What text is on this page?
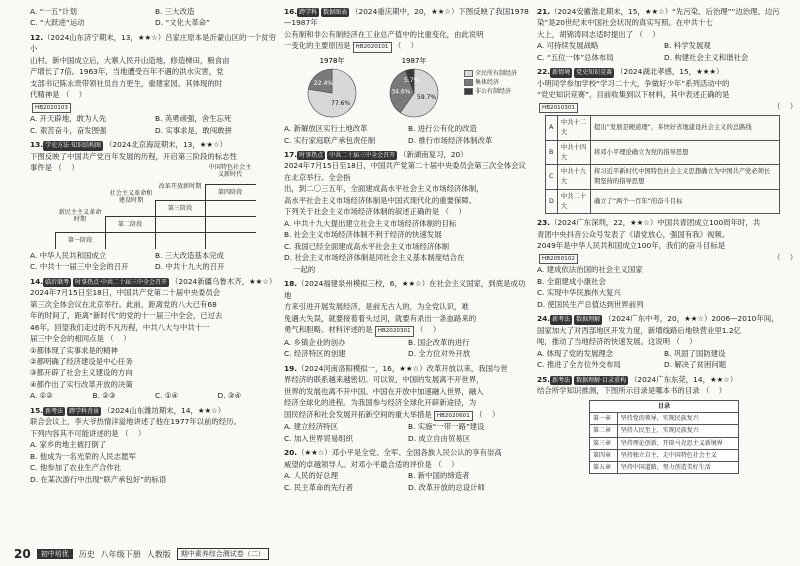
A. “一五”计划	B. 三大改造
C. “大跃进”运动	D. “文化大革命”
12.（2024山东济宁期末，13，★★☆）吕家庄原本是沂蒙山区的一个贫穷小
山村。新中国成立后，大寨人民开山造地，修造梯田，粮食亩
产增长了7倍。1963年，当地遭受百年不遇的洪水灾害，党
支部书记陈永贵带领社员自力更生，重建家园。其体现的时
代精神是 （    ）
HB2020103
A. 开天辟地，敢为人先	B. 英勇顽强，舍生忘死
C. 艰苦奋斗，奋发图强	D. 实事求是，敢闯敢拼
13. 学史方法·知识结构图 （2024北京海淀期末，13，★★☆）
下图反映了中国共产党百年发展的历程，开启第三阶段的标志性
事件是 （    ）
新民主主义革命时期
社会主义革命和建设时期
改革开放新时期
中国特色社会主义新时代
第一阶段
第二阶段
第三阶段
第四阶段
A. 中华人民共和国成立	B. 三大改造基本完成
C. 中共十一届三中全会的召开	D. 中共十九大的召开
14. 临沂联考 时事热点·中共二十届三中全会召开 （2024新疆乌鲁木齐，★★☆）
2024年7月15日至18日，中国共产党第二十届中央委员会
第三次全体会议在北京举行。此前，距离党的八大已有68
年的时间了，距离“新时代”的党的十一届三中全会，已过去
46年。回望我们走过的不凡历程，中共八大与中共十一
届三中全会的相同点是 （    ）
①都体现了实事求是的精神
②都明确了经济建设是中心任务
③都开辟了社会主义建设的方向
④都作出了实行改革开放的决策
A. ①②	B. ②③	C. ①④	D. ③④
15. 新考法 跨学科背景 （2024山东潍坊期末，14，★★☆）
联合会议上，李大爷热情洋溢地讲述了他在1977年以前的经历。
下列内容其不可能讲述的是 （    ）
A. 家乡的地主被打倒了
B. 他成为一名光荣的人民志愿军
C. 他参加了农业生产合作社
D. 在某次游行中出现“联产承包好”的标语
16. 跨学科 数据图表 （2024重庆期中，20，★★☆）下图反映了我国1978—1987年
公有制和非公有制经济在工业总产值中的比重变化，由此说明
一变化的主要原因是 HB2020101 （    ）
1978年
77.6%
22.4%
1987年
59.7%
34.6%
5.7%
全民所有制经济
集体经济
非公有制经济
A. 新解放区实行土地改革	B. 进行公有化的改造
C. 实行家庭联产承包责任制	D. 推行市场经济体制改革
17. 时事热点 中共二十届三中全会召开 （新湖南复习，20）
2024年7月15日至18日，中国共产党第二十届中央委员会第三次全体会议在北京举行。全会指
出，到二〇三五年，全面建成高水平社会主义市场经济体制，
高水平社会主义市场经济体制是中国式现代化的重要保障。
下列关于社会主义市场经济体制的叙述正确的是 （    ）
A. 中共十九大提出建立社会主义市场经济体制的目标
B. 社会主义市场经济体制不利于经济的快速发展
C. 我国已经全面建成高水平社会主义市场经济体制
D. 社会主义市场经济体制是同社会主义基本制度结合在
一起的
18.（2024福建泉州模拟三校，6，★★☆）在社会主义国家，到底是成功地
方来引进开展发展经济，是前无古人的，为全党认识，难
免遇大失误，就要接着着头过河，就要有杀出一条血路来的
勇气和胆略。材料评述的是 HB2020301 （    ）
A. 乡镇企业的创办	B. 国企改革的进行
C. 经济特区的创建	D. 全方位对外开放
19.（2024河南洛阳模拟一，16，★★☆）改革开放以来，我国与世
界经济的联系越来越密切。可以说，中国的发展离不开世界，
世界的发展也离不开中国。中国在开放中加速融入世界，融入
经济全球化的进程。为我国参与经济全球化开辟新途径，为
国民经济和社会发展开拓新空间的重大举措是 HB2020601 （    ）
A. 建立经济特区	B. 实施“一带一路”建设
C. 加入世界贸易组织	D. 成立自由贸易区
20.（★★☆）邓小平是全党、全军、全国各族人民公认的享有崇高
威望的卓越领导人。对邓小平最合适的评价是 （    ）
A. 人民的好总理	B. 新中国的缔造者
C. 民主革命的先行者	D. 改革开放的总设计师
21.（2024安徽淮北期末，15，★★☆）“先污染、后治理”“边治理、边污
染”是20世纪末中国社会状况的真实写照。在中共十七
大上，胡锦涛同志适时提出了 （    ）
A. 可持续发展战略	B. 科学发展观
C. “五位一体”总体布局	D. 构建社会主义和谐社会
22. 新情境 党史知识竞赛 （2024湖北孝感，15，★★★）
小明同学参加学校“学习二十大，争做好少年”系列活动中的
“党史知识竞赛”，目前收集到以下材料，其中表述正确的是
HB2010301	（    ）
A	中共十二大	提出“发展是硬道理”，多快好省地建设社会主义的总路线
B	中共十四大	将邓小平理论确立为党的指导思想
C	中共十九大	将习近平新时代中国特色社会主义思想确立为中国共产党必须长期坚持的指导思想
D	中共二十大	确立了“两个一百年”的奋斗目标
23.（2024广东深圳，22，★★☆）中国共青团成立100周年时，共
青团中央抖音公众号发表了《请党放心，强国有我》视频。
2049年是中华人民共和国成立100年，我们的奋斗目标是
HB2050102	（    ）
A. 建成依法治国的社会主义国家
B. 全面建成小康社会
C. 实现中华民族伟大复兴
D. 使国民生产总值达到世界前列
24. 新考法 数据理解 （2024广东中考，20，★★☆）2006—2010年间，
国家加大了对西部地区开发力度，新增线路后地铁营业里1.2亿
吨，推动了当地经济的快速发展。这说明 （    ）
A. 体现了党的发展理念	B. 巩固了国防建设
C. 推进了全方位外交布局	D. 解决了贫困问题
25. 新考法 数据理解·目录重构 （2024广东东莞，14，★★☆）
结合所学知识推测，下图所示目录是哪本书的目录 （    ）
目录	
第一章	坚持党的领导，实现民族复兴
第二章	坚持人民至上，实现民族复兴
第三章	坚持理论创新，开辟马克思主义新境界
第四章	坚持独立自主，走中国特色社会主义
第五章	坚持中国道路，努力创造美好生活
20	初中培优	历史 八年级下册 人教版	期中素养综合测试卷（二）
